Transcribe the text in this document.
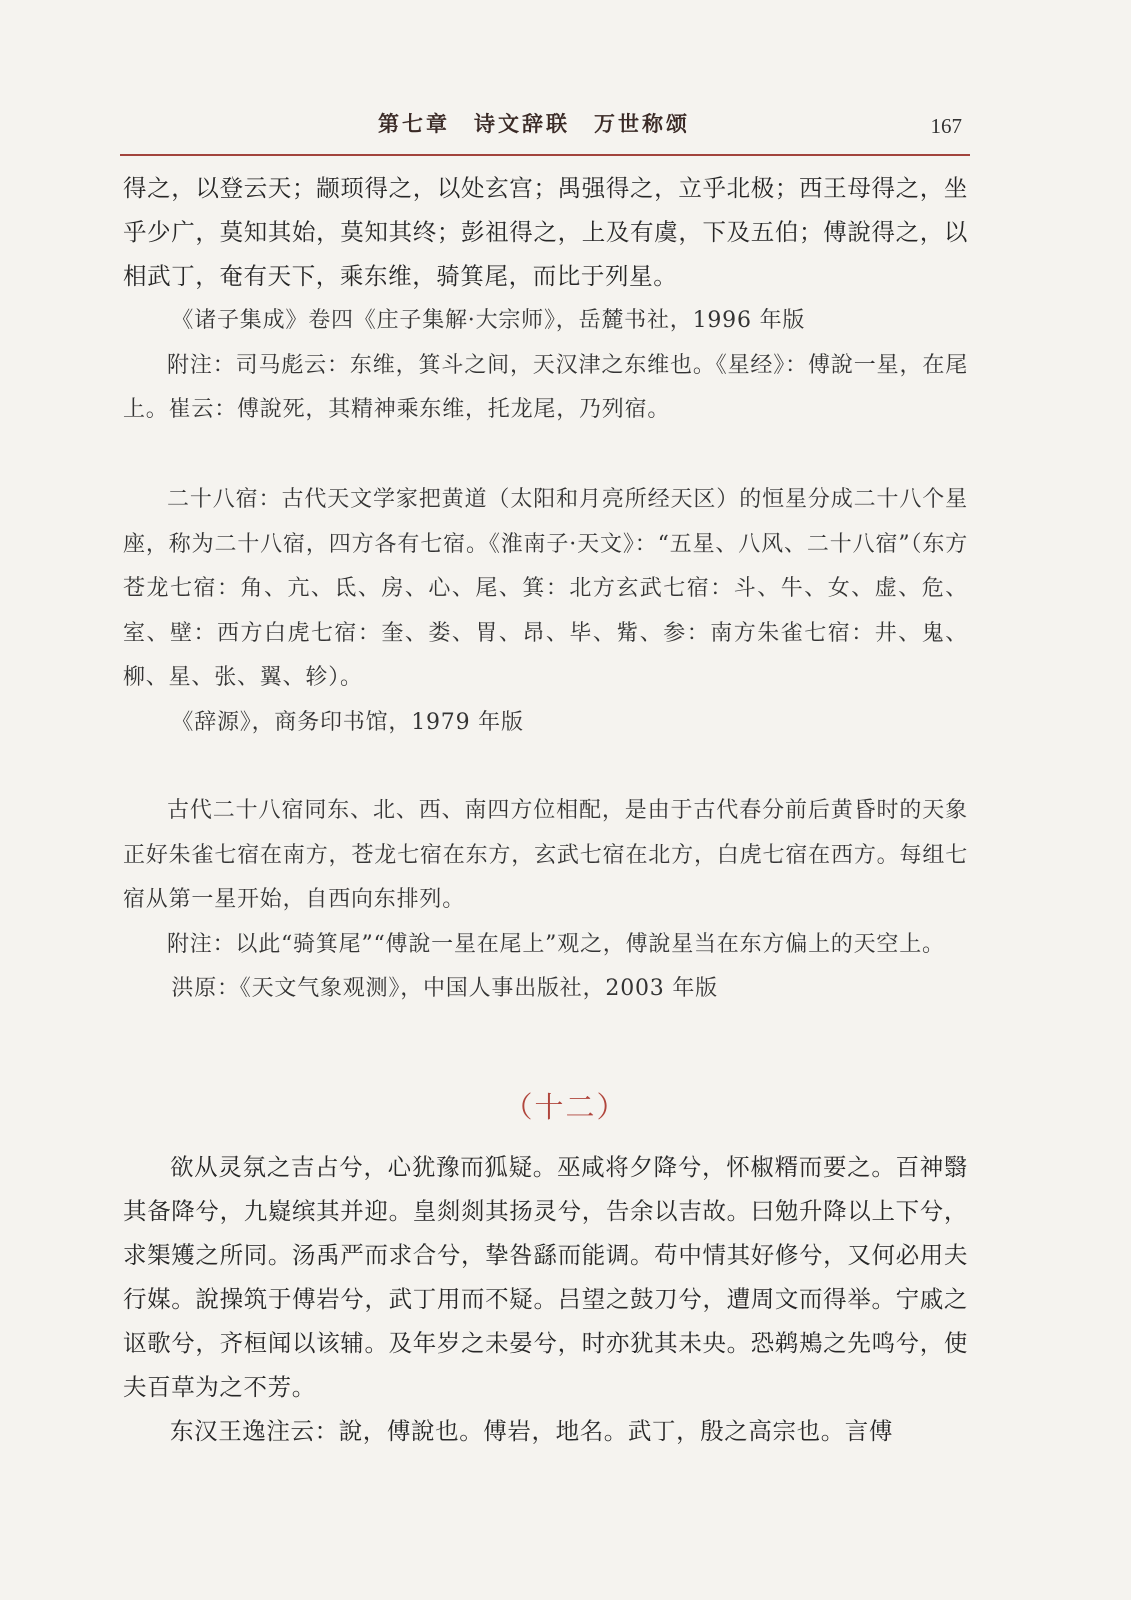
第七章　诗文辞联　万世称颂	167

得之，以登云天；颛顼得之，以处玄宫；禺强得之，立乎北极；西王母得之，坐乎少广，莫知其始，莫知其终；彭祖得之，上及有虞，下及五伯；傅說得之，以相武丁，奄有天下，乘东维，骑箕尾，而比于列星。

《诸子集成》卷四《庄子集解·大宗师》，岳麓书社，1996 年版

附注：司马彪云：东维，箕斗之间，天汉津之东维也。《星经》：傅說一星，在尾上。崔云：傅說死，其精神乘东维，托龙尾，乃列宿。

二十八宿：古代天文学家把黄道（太阳和月亮所经天区）的恒星分成二十八个星座，称为二十八宿，四方各有七宿。《淮南子·天文》：“五星、八风、二十八宿”（东方苍龙七宿：角、亢、氐、房、心、尾、箕：北方玄武七宿：斗、牛、女、虚、危、室、壁：西方白虎七宿：奎、娄、胃、昂、毕、觜、参：南方朱雀七宿：井、鬼、柳、星、张、翼、轸）。

《辞源》，商务印书馆，1979 年版

古代二十八宿同东、北、西、南四方位相配，是由于古代春分前后黄昏时的天象正好朱雀七宿在南方，苍龙七宿在东方，玄武七宿在北方，白虎七宿在西方。每组七宿从第一星开始，自西向东排列。

附注：以此“骑箕尾”“傅說一星在尾上”观之，傅說星当在东方偏上的天空上。

洪原：《天文气象观测》，中国人事出版社，2003 年版

（十二）

欲从灵氛之吉占兮，心犹豫而狐疑。巫咸将夕降兮，怀椒糈而要之。百神翳其备降兮，九嶷缤其并迎。皇剡剡其扬灵兮，告余以吉故。曰勉升降以上下兮，求榘矱之所同。汤禹严而求合兮，挚咎繇而能调。苟中情其好修兮，又何必用夫行媒。說操筑于傅岩兮，武丁用而不疑。吕望之鼓刀兮，遭周文而得举。宁戚之讴歌兮，齐桓闻以该辅。及年岁之未晏兮，时亦犹其未央。恐鹈鴂之先鸣兮，使夫百草为之不芳。

东汉王逸注云：說，傅說也。傅岩，地名。武丁，殷之高宗也。言傅
